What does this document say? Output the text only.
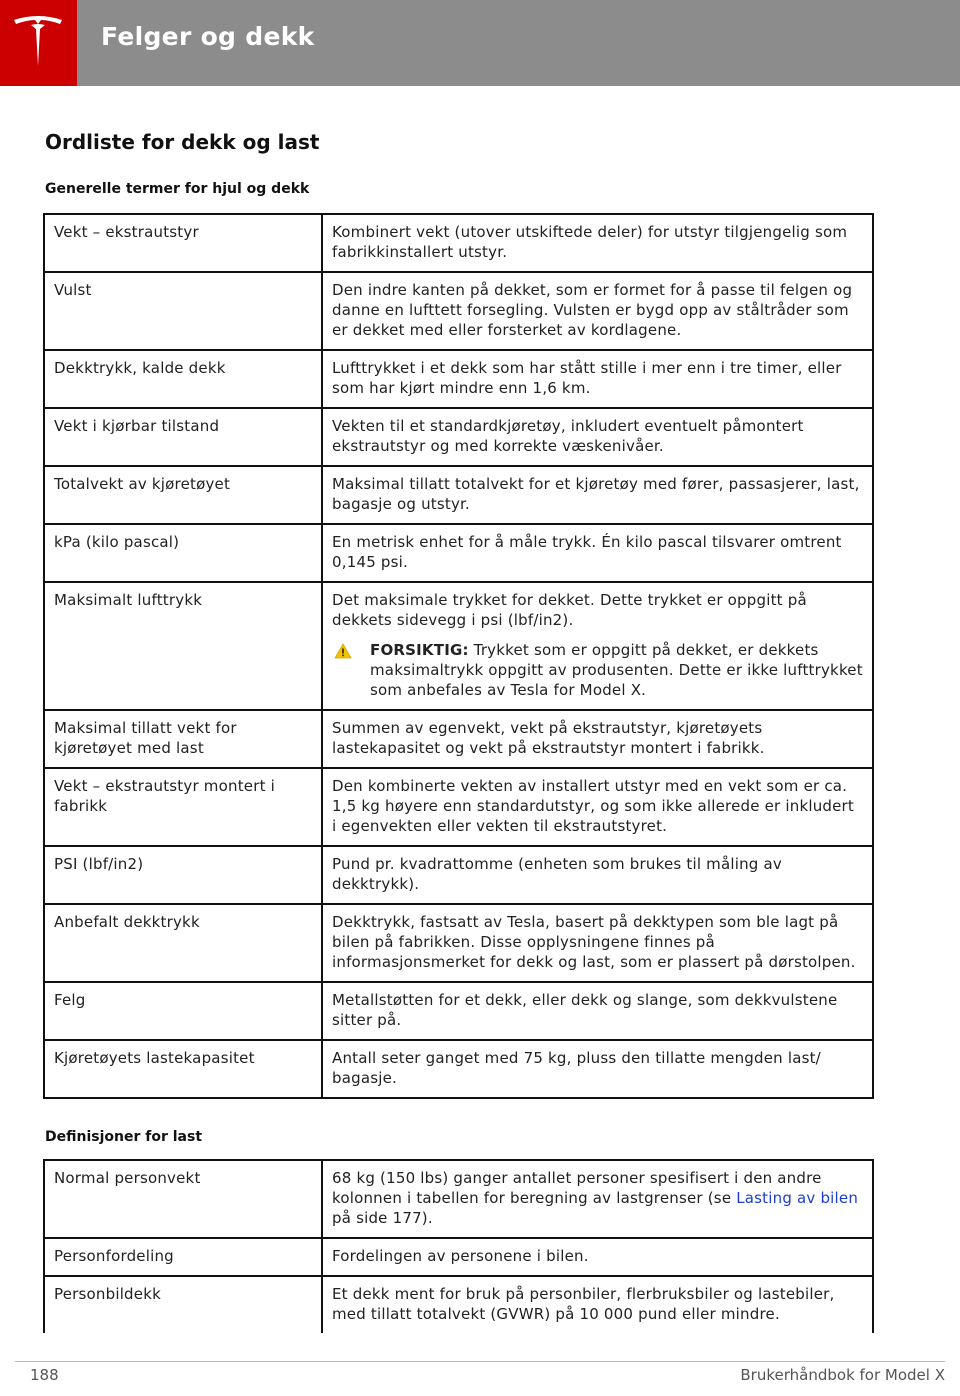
Felger og dekk
Ordliste for dekk og last
Generelle termer for hjul og dekk
Vekt – ekstrautstyr	Kombinert vekt (utover utskiftede deler) for utstyr tilgjengelig som fabrikkinstallert utstyr.
Vulst	Den indre kanten på dekket, som er formet for å passe til felgen og danne en lufttett forsegling. Vulsten er bygd opp av ståltråder som er dekket med eller forsterket av kordlagene.
Dekktrykk, kalde dekk	Lufttrykket i et dekk som har stått stille i mer enn i tre timer, eller som har kjørt mindre enn 1,6 km.
Vekt i kjørbar tilstand	Vekten til et standardkjøretøy, inkludert eventuelt påmontert ekstrautstyr og med korrekte væskenivåer.
Totalvekt av kjøretøyet	Maksimal tillatt totalvekt for et kjøretøy med fører, passasjerer, last, bagasje og utstyr.
kPa (kilo pascal)	En metrisk enhet for å måle trykk. Én kilo pascal tilsvarer omtrent 0,145 psi.
Maksimalt lufttrykk	Det maksimale trykket for dekket. Dette trykket er oppgitt på dekkets sidevegg i psi (lbf/in2).
FORSIKTIG: Trykket som er oppgitt på dekket, er dekkets maksimaltrykk oppgitt av produsenten. Dette er ikke lufttrykket som anbefales av Tesla for Model X.

Maksimal tillatt vekt for kjøretøyet med last	Summen av egenvekt, vekt på ekstrautstyr, kjøretøyets lastekapasitet og vekt på ekstrautstyr montert i fabrikk.
Vekt – ekstrautstyr montert i fabrikk	Den kombinerte vekten av installert utstyr med en vekt som er ca. 1,5 kg høyere enn standardutstyr, og som ikke allerede er inkludert i egenvekten eller vekten til ekstrautstyret.
PSI (lbf/in2)	Pund pr. kvadrattomme (enheten som brukes til måling av dekktrykk).
Anbefalt dekktrykk	Dekktrykk, fastsatt av Tesla, basert på dekktypen som ble lagt på bilen på fabrikken. Disse opplysningene finnes på informasjonsmerket for dekk og last, som er plassert på dørstolpen.
Felg	Metallstøtten for et dekk, eller dekk og slange, som dekkvulstene sitter på.
Kjøretøyets lastekapasitet	Antall seter ganget med 75 kg, pluss den tillatte mengden last/ bagasje.
Definisjoner for last
Normal personvekt	68 kg (150 lbs) ganger antallet personer spesifisert i den andre kolonnen i tabellen for beregning av lastgrenser (se Lasting av bilen på side 177).
Personfordeling	Fordelingen av personene i bilen.
Personbildekk	Et dekk ment for bruk på personbiler, flerbruksbiler og lastebiler, med tillatt totalvekt (GVWR) på 10 000 pund eller mindre.
188	Brukerhåndbok for Model X
